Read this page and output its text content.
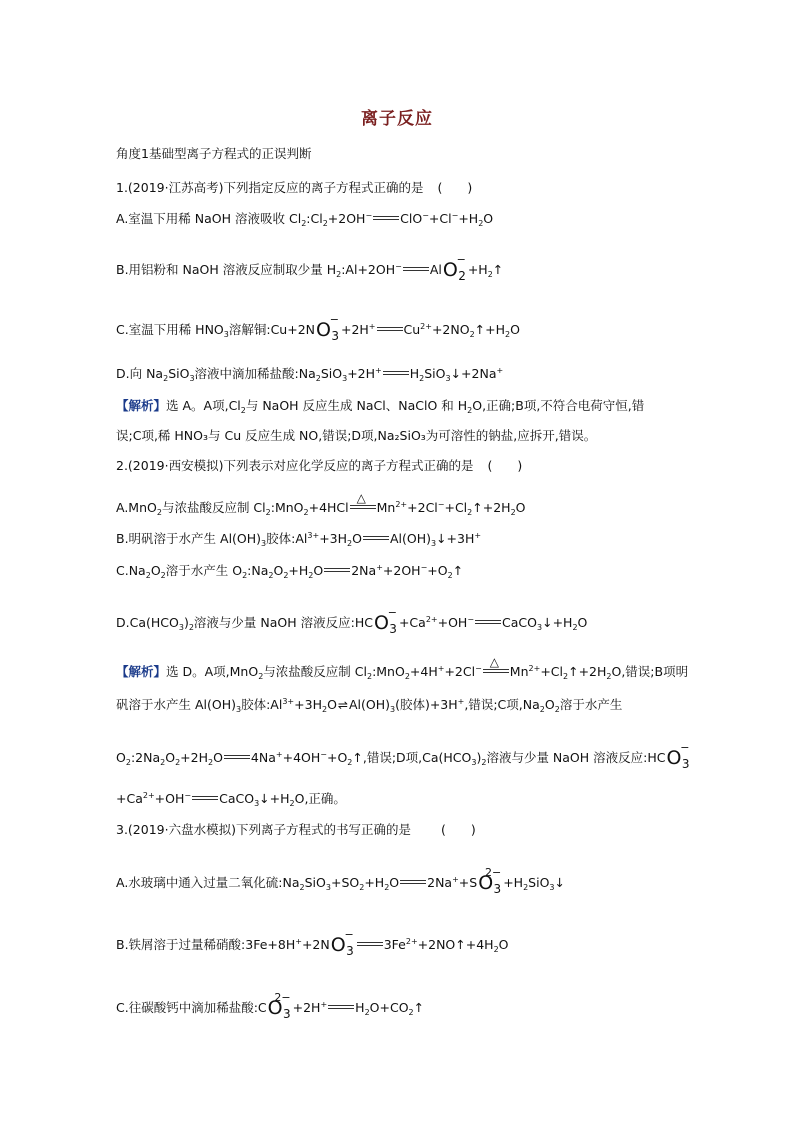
离子反应
角度1基础型离子方程式的正误判断
1.(2019·江苏高考)下列指定反应的离子方程式正确的是 (　　)
A.室温下用稀 NaOH 溶液吸收 $Cl_2:Cl_2+2OH^-$ $ClO^-+Cl^-+H_2O$
B.用铝粉和 NaOH 溶液反应制取少量 $H_2:Al+2OH^-$ AlO 2
−
$+H_2↑$
C.室温下用稀 $HNO_3$溶解铜:Cu+2NO 3
−
+2H+ $Cu^{2+}+2NO_2↑+H_2O$
D.向 $Na_2SiO_3$溶液中滴加稀盐酸$:Na_2SiO_3+2H^+$ $H_2SiO_3↓+2Na^+$
【解析】选 A。A项$,Cl_2$与 NaOH 反应生成 NaCl、NaClO 和 $H_2O$,正确;B项,不符合电荷守恒,错
误;C项,稀 HNO₃与 Cu 反应生成 NO,错误;D项,Na₂SiO₃为可溶性的钠盐,应拆开,错误。
2.(2019·西安模拟)下列表示对应化学反应的离子方程式正确的是 (　　)
A.MnO$_2$与浓盐酸反应制 $Cl_2:MnO_2+4HCl$
△
$Mn^{2+}+2Cl^-+Cl_2↑+2H_2O$
B.明矾溶于水产生 $Al(OH)_3$胶体$:Al^{3+}+3H_2O$ $Al(OH)_3↓+3H^+$
$C.Na_2O_2$溶于水产生 $O_2:Na_2O_2+H_2O$ $2Na^++2OH^-+O_2↑$
$D.Ca(HCO_3)_2$溶液与少量 NaOH 溶液反应:HCO 3
−
$+Ca^{2+}+OH^-$ $CaCO_3↓+H_2O$
【解析】选 D。A项,MnO$_2$与浓盐酸反应制 $Cl_2:MnO_2+4H^++2Cl^-$ △
$Mn^{2+}+Cl_2↑+2H_2O$,错误;B项明
矾溶于水产生 $Al(OH)_3$胶体$:Al^{3+}+3H_2O\rightleftharpoons Al(OH)_3$(胶体)+3H+,错误;C项$,Na_2O_2$溶于水产生
$O_2:2Na_2O_2+2H_2O$ $4Na^++4OH^-+O_2↑$,错误;D项$,Ca(HCO_3)_2$溶液与少量 NaOH 溶液反应:HCO 3
−
$+Ca^{2+}+OH^-$ $CaCO_3↓+H_2O$,正确。
3.(2019·六盘水模拟)下列离子方程式的书写正确的是 (　　)
A.水玻璃中通入过量二氧化硫$:Na_2SiO_3+SO_2+H_2O$ 2Na++SO 3
2−
$+H_2SiO_3↓$
B.铁屑溶于过量稀硝酸:3Fe+8H++2NO 3
−
$3Fe^{2+}+2NO↑+4H_2O$
C.往碳酸钙中滴加稀盐酸:CO 3
2−
+2H+ $H_2O+CO_2↑$
